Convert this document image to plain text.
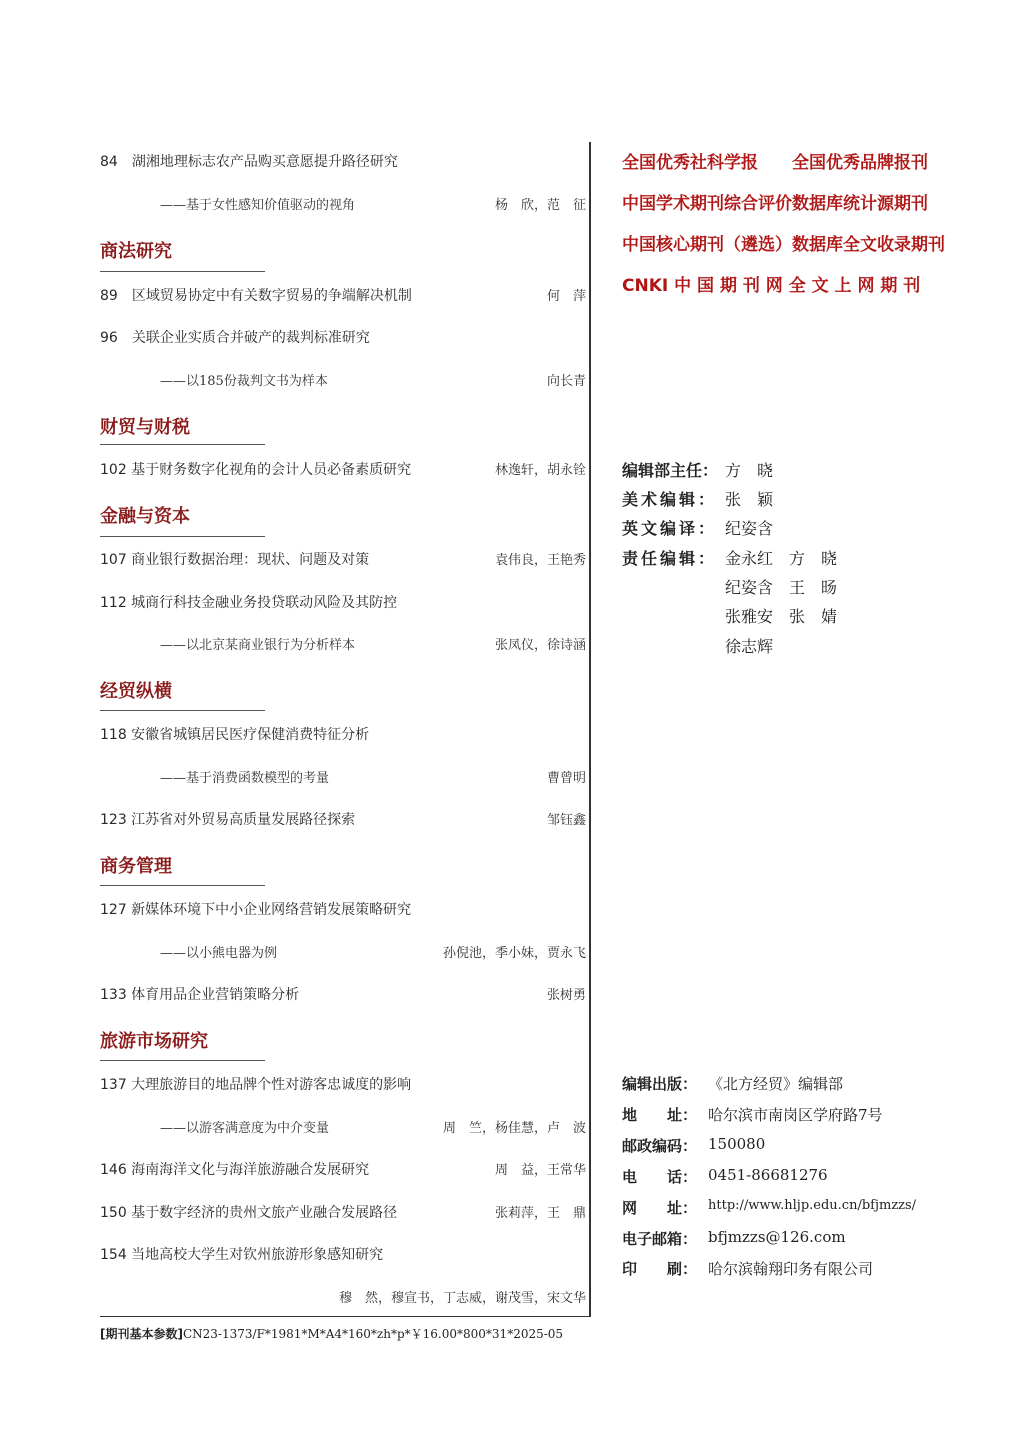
84　湖湘地理标志农产品购买意愿提升路径研究
——基于女性感知价值驱动的视角	杨　欣，范　征
商法研究
89　区域贸易协定中有关数字贸易的争端解决机制	何　萍
96　关联企业实质合并破产的裁判标准研究
——以185份裁判文书为样本	向长青
财贸与财税
102 基于财务数字化视角的会计人员必备素质研究	林逸轩，胡永铨
金融与资本
107 商业银行数据治理：现状、问题及对策	袁伟良，王艳秀
112 城商行科技金融业务投贷联动风险及其防控
——以北京某商业银行为分析样本	张凤仪，徐诗涵
经贸纵横
118 安徽省城镇居民医疗保健消费特征分析
——基于消费函数模型的考量	曹曾明
123 江苏省对外贸易高质量发展路径探索	邹钰鑫
商务管理
127 新媒体环境下中小企业网络营销发展策略研究
——以小熊电器为例	孙倪池，季小妹，贾永飞
133 体育用品企业营销策略分析	张树勇
旅游市场研究
137 大理旅游目的地品牌个性对游客忠诚度的影响
——以游客满意度为中介变量	周　竺，杨佳慧，卢　波
146 海南海洋文化与海洋旅游融合发展研究	周　益，王常华
150 基于数字经济的贵州文旅产业融合发展路径	张莉萍，王　鼎
154 当地高校大学生对钦州旅游形象感知研究
穆　然，穆宣书，丁志威，谢茂雪，宋文华
[期刊基本参数]CN23-1373/F*1981*M*A4*160*zh*p*￥16.00*800*31*2025-05
全国优秀社科学报　　全国优秀品牌报刊
中国学术期刊综合评价数据库统计源期刊
中国核心期刊（遴选）数据库全文收录期刊
CNKI 中 国 期 刊 网 全 文 上 网 期 刊
编辑部主任： 方　晓
美术编辑： 张　颖
英文编译： 纪姿含
责任编辑： 金永红　方　晓
纪姿含　王　旸
张雅安　张　婧
徐志辉
编辑出版： 《北方经贸》编辑部
地　　址： 哈尔滨市南岗区学府路7号
邮政编码： 150080
电　　话： 0451-86681276
网　　址： http://www.hljp.edu.cn/bfjmzzs/
电子邮箱： bfjmzzs@126.com
印　　刷： 哈尔滨翰翔印务有限公司
